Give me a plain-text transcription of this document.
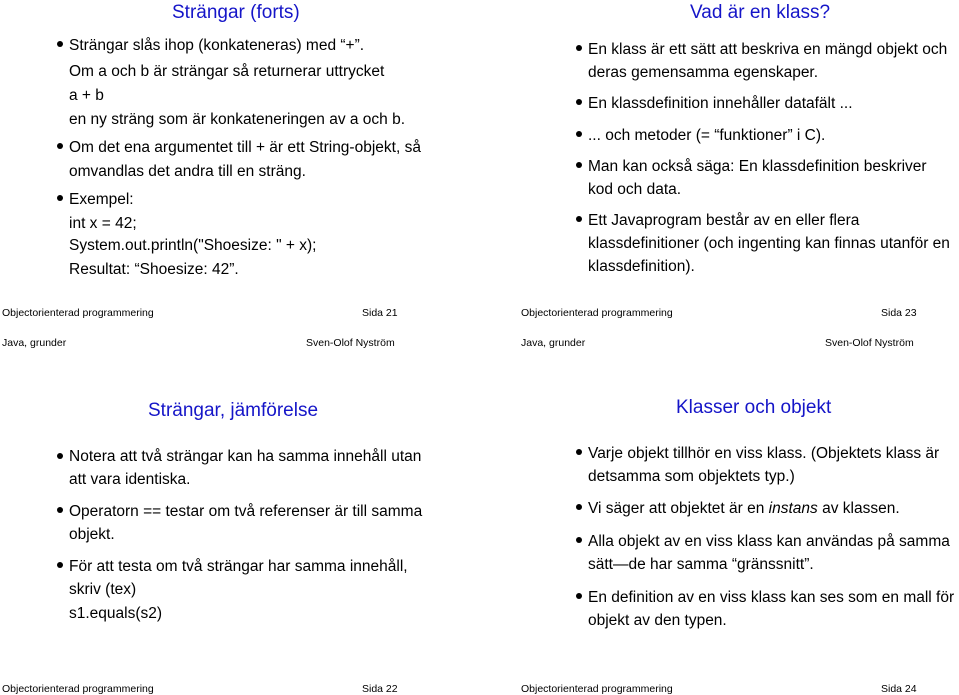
Strängar (forts)
Strängar slås ihop (konkateneras) med “+”.
Om a och b är strängar så returnerar uttrycket
a + b
en ny sträng som är konkateneringen av a och b.
Om det ena argumentet till + är ett String-objekt, så
omvandlas det andra till en sträng.
Exempel:
int x = 42;
System.out.println("Shoesize: " + x);
Resultat: “Shoesize: 42”.
Objectorienterad programmering	Sida 21
Vad är en klass?
En klass är ett sätt att beskriva en mängd objekt och
deras gemensamma egenskaper.
En klassdefinition innehåller datafält ...
... och metoder (= “funktioner” i C).
Man kan också säga: En klassdefinition beskriver
kod och data.
Ett Javaprogram består av en eller flera
klassdefinitioner (och ingenting kan finnas utanför en
klassdefinition).
Objectorienterad programmering	Sida 23
Java, grunder	Sven-Olof Nyström
Strängar, jämförelse
Notera att två strängar kan ha samma innehåll utan
att vara identiska.
Operatorn == testar om två referenser är till samma
objekt.
För att testa om två strängar har samma innehåll,
skriv (tex)
s1.equals(s2)
Objectorienterad programmering	Sida 22
Java, grunder	Sven-Olof Nyström
Klasser och objekt
Varje objekt tillhör en viss klass. (Objektets klass är
detsamma som objektets typ.)
Vi säger att objektet är en instans av klassen.
Alla objekt av en viss klass kan användas på samma
sätt—de har samma “gränssnitt”.
En definition av en viss klass kan ses som en mall för
objekt av den typen.
Objectorienterad programmering	Sida 24
